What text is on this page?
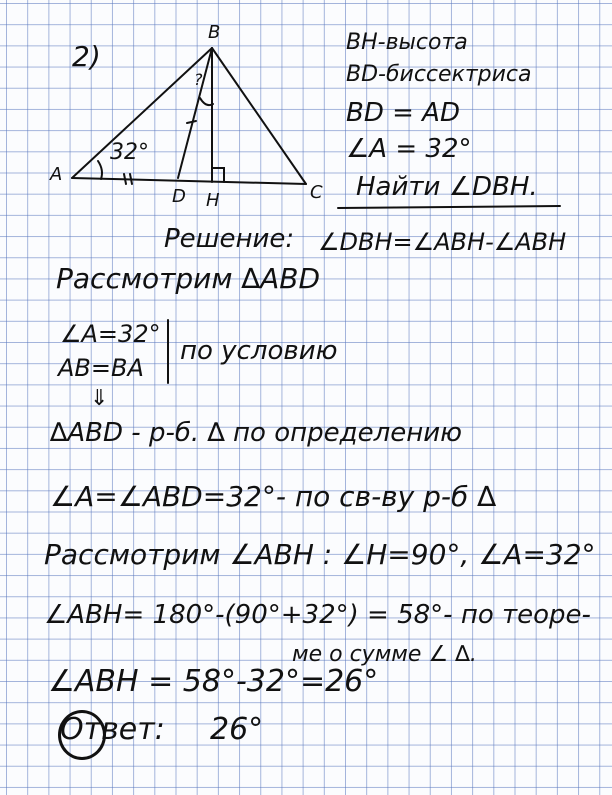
2)
B
A
C
D H
32°
?
BH-высота
BD-биссектриса
BD = AD
∠A = 32°
Найти ∠DBH.
Решение: ∠DBH=∠ABH-∠ABH
Рассмотрим ∆ABD
∠A=32°
AB=BA
по условию
⇓
∆ABD - р-б. ∆ по определению
∠A=∠ABD=32°- по св-ву р-б ∆
Рассмотрим ∠ABH : ∠H=90°, ∠A=32°
∠ABH= 180°-(90°+32°) = 58°- по теоре-
ме о сумме ∠ ∆.
∠ABH = 58°-32°=26°
Ответ: 26°
